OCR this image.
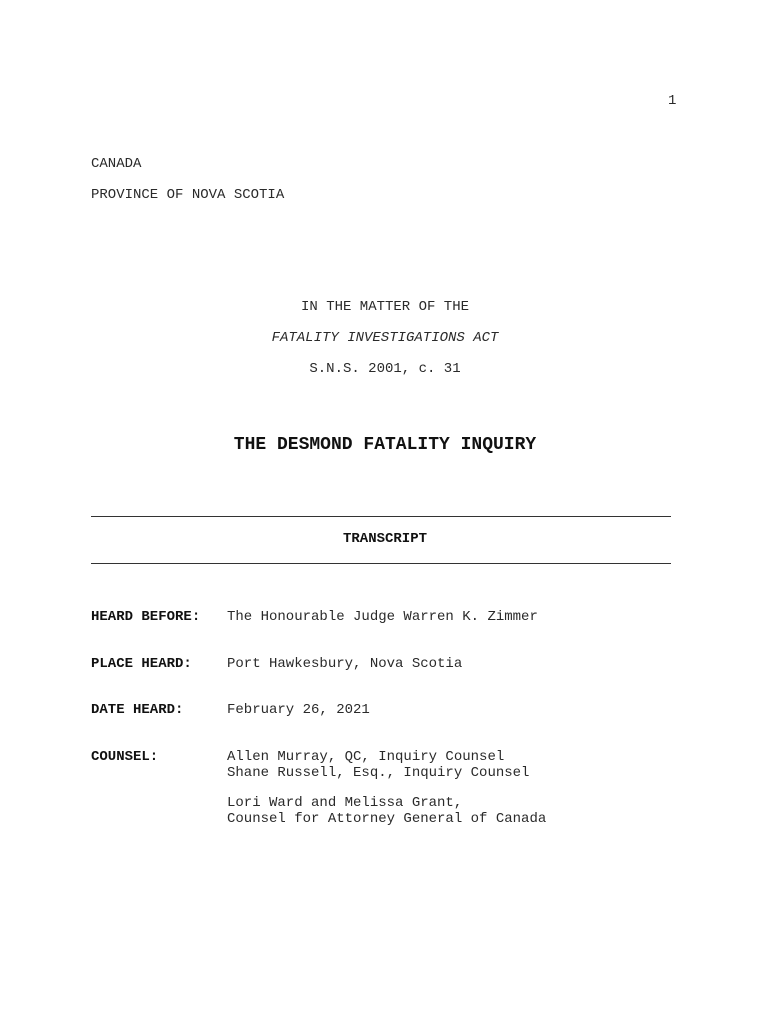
1
CANADA
PROVINCE OF NOVA SCOTIA
IN THE MATTER OF THE
FATALITY INVESTIGATIONS ACT
S.N.S. 2001, c. 31
THE DESMOND FATALITY INQUIRY
TRANSCRIPT
HEARD BEFORE: The Honourable Judge Warren K. Zimmer
PLACE HEARD:	Port Hawkesbury, Nova Scotia
DATE HEARD:	February 26, 2021
COUNSEL:	Allen Murray, QC, Inquiry Counsel
Shane Russell, Esq., Inquiry Counsel
Lori Ward and Melissa Grant,
Counsel for Attorney General of Canada
